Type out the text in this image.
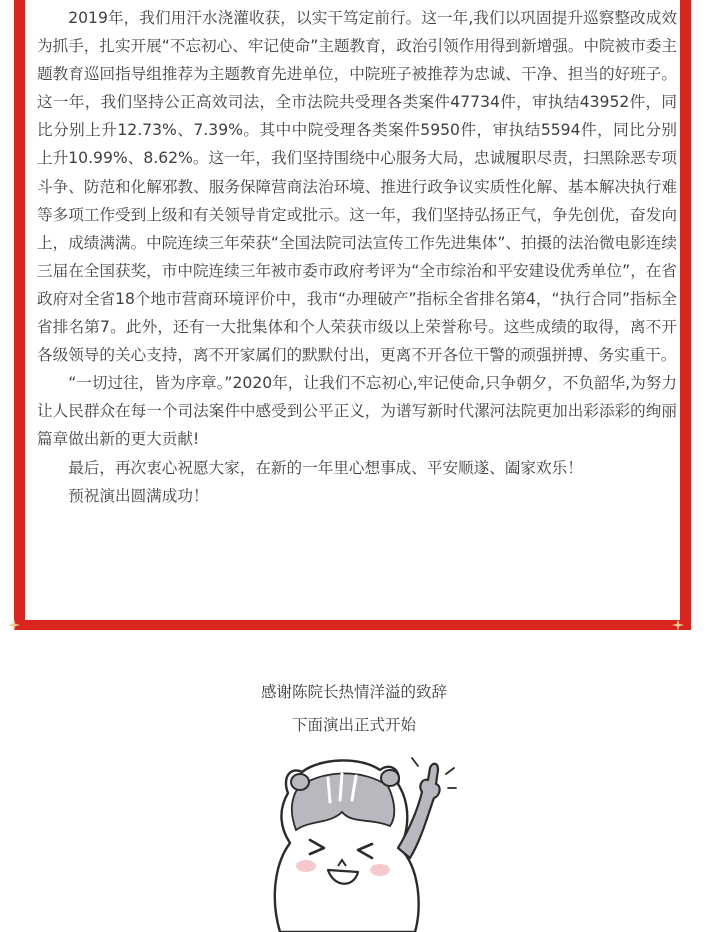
2019年，我们用汗水浇灌收获，以实干笃定前行。这一年,我们以巩固提升巡察整改成效为抓手，扎实开展“不忘初心、牢记使命”主题教育，政治引领作用得到新增强。中院被市委主题教育巡回指导组推荐为主题教育先进单位，中院班子被推荐为忠诚、干净、担当的好班子。这一年，我们坚持公正高效司法，全市法院共受理各类案件47734件，审执结43952件，同比分别上升12.73%、7.39%。其中中院受理各类案件5950件，审执结5594件，同比分别上升10.99%、8.62%。这一年，我们坚持围绕中心服务大局，忠诚履职尽责，扫黑除恶专项斗争、防范和化解邪教、服务保障营商法治环境、推进行政争议实质性化解、基本解决执行难等多项工作受到上级和有关领导肯定或批示。这一年，我们坚持弘扬正气，争先创优，奋发向上，成绩满满。中院连续三年荣获“全国法院司法宣传工作先进集体”、拍摄的法治微电影连续三届在全国获奖，市中院连续三年被市委市政府考评为“全市综治和平安建设优秀单位”，在省政府对全省18个地市营商环境评价中，我市“办理破产”指标全省排名第4，“执行合同”指标全省排名第7。此外，还有一大批集体和个人荣获市级以上荣誉称号。这些成绩的取得，离不开各级领导的关心支持，离不开家属们的默默付出，更离不开各位干警的顽强拼搏、务实重干。

“一切过往，皆为序章。”2020年，让我们不忘初心,牢记使命,只争朝夕，不负韶华,为努力让人民群众在每一个司法案件中感受到公平正义，为谱写新时代漯河法院更加出彩添彩的绚丽篇章做出新的更大贡献!

最后，再次衷心祝愿大家，在新的一年里心想事成、平安顺遂、阖家欢乐！

预祝演出圆满成功！

感谢陈院长热情洋溢的致辞
下面演出正式开始
